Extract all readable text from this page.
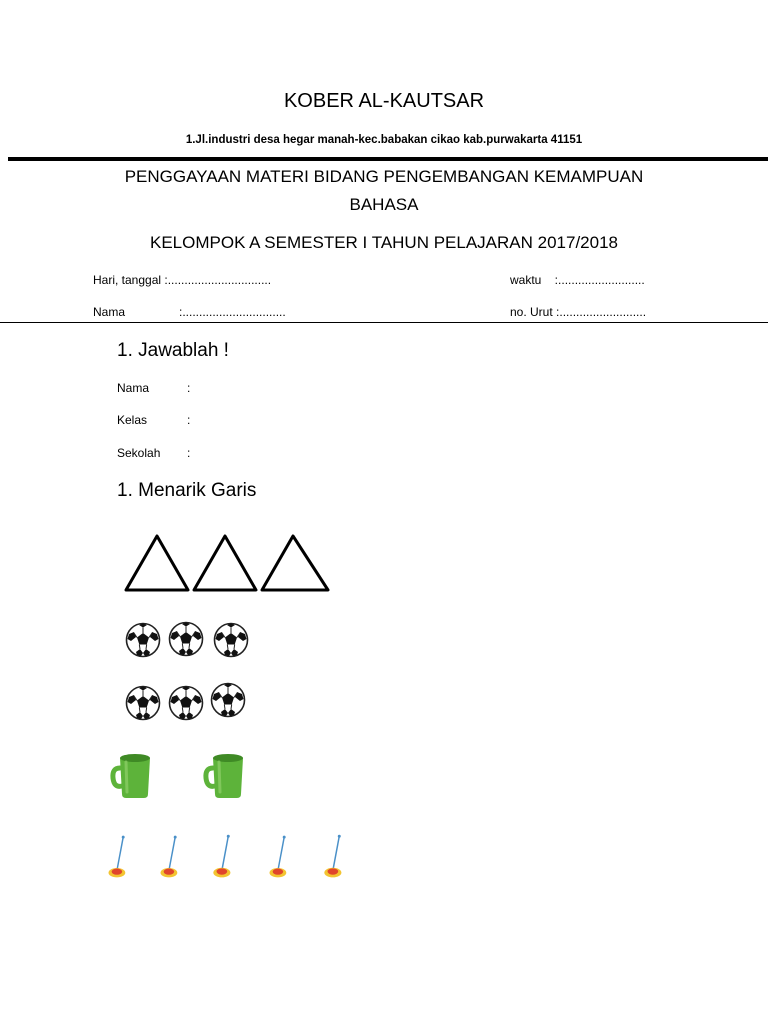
KOBER AL-KAUTSAR
1.Jl.industri desa hegar manah-kec.babakan cikao kab.purwakarta 41151
PENGGAYAAN MATERI BIDANG PENGEMBANGAN KEMAMPUAN
BAHASA
KELOMPOK A SEMESTER I TAHUN PELAJARAN 2017/2018
Hari, tanggal :...............................	waktu    :..........................
Nama	:...............................	no. Urut :..........................
1. Jawablah !
Nama	:
Kelas	:
Sekolah :
1. Menarik Garis
